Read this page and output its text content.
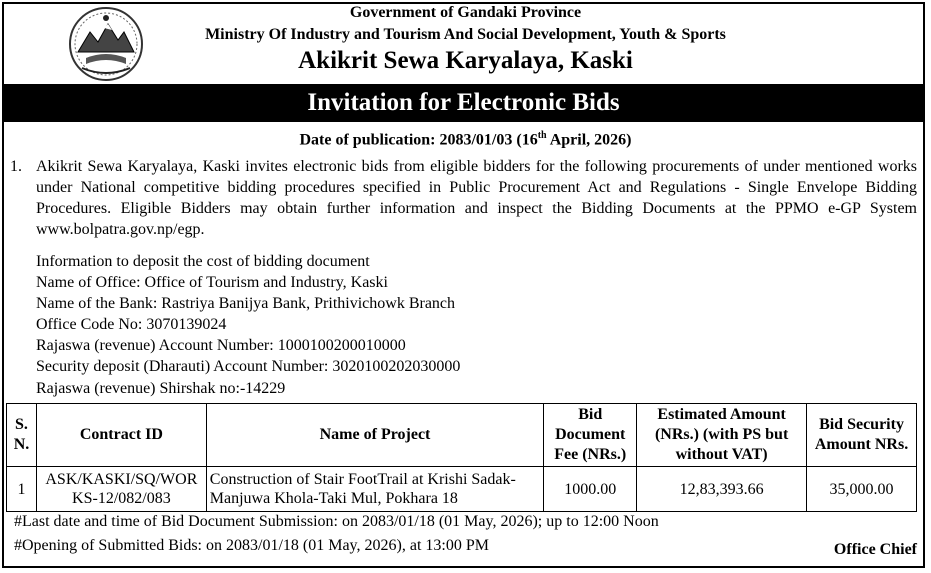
Government of Gandaki Province
Ministry Of Industry and Tourism And Social Development, Youth & Sports
Akikrit Sewa Karyalaya, Kaski
Invitation for Electronic Bids
Date of publication: 2083/01/03 (16th April, 2026)
1. Akikrit Sewa Karyalaya, Kaski invites electronic bids from eligible bidders for the following procurements of under mentioned works under National competitive bidding procedures specified in Public Procurement Act and Regulations - Single Envelope Bidding Procedures. Eligible Bidders may obtain further information and inspect the Bidding Documents at the PPMO e-GP System www.bolpatra.gov.np/egp.
Information to deposit the cost of bidding document
Name of Office: Office of Tourism and Industry, Kaski
Name of the Bank: Rastriya Banijya Bank, Prithivichowk Branch
Office Code No: 3070139024
Rajaswa (revenue) Account Number: 1000100200010000
Security deposit (Dharauti) Account Number: 3020100202030000
Rajaswa (revenue) Shirshak no:-14229
S. N.	Contract ID	Name of Project	Bid Document Fee (NRs.)	Estimated Amount (NRs.) (with PS but without VAT)	Bid Security Amount NRs.
1	ASK/KASKI/SQ/WORKS-12/082/083	Construction of Stair FootTrail at Krishi Sadak-Manjuwa Khola-Taki Mul, Pokhara 18	1000.00	12,83,393.66	35,000.00
#Last date and time of Bid Document Submission: on 2083/01/18 (01 May, 2026); up to 12:00 Noon
#Opening of Submitted Bids: on 2083/01/18 (01 May, 2026), at 13:00 PM	Office Chief
